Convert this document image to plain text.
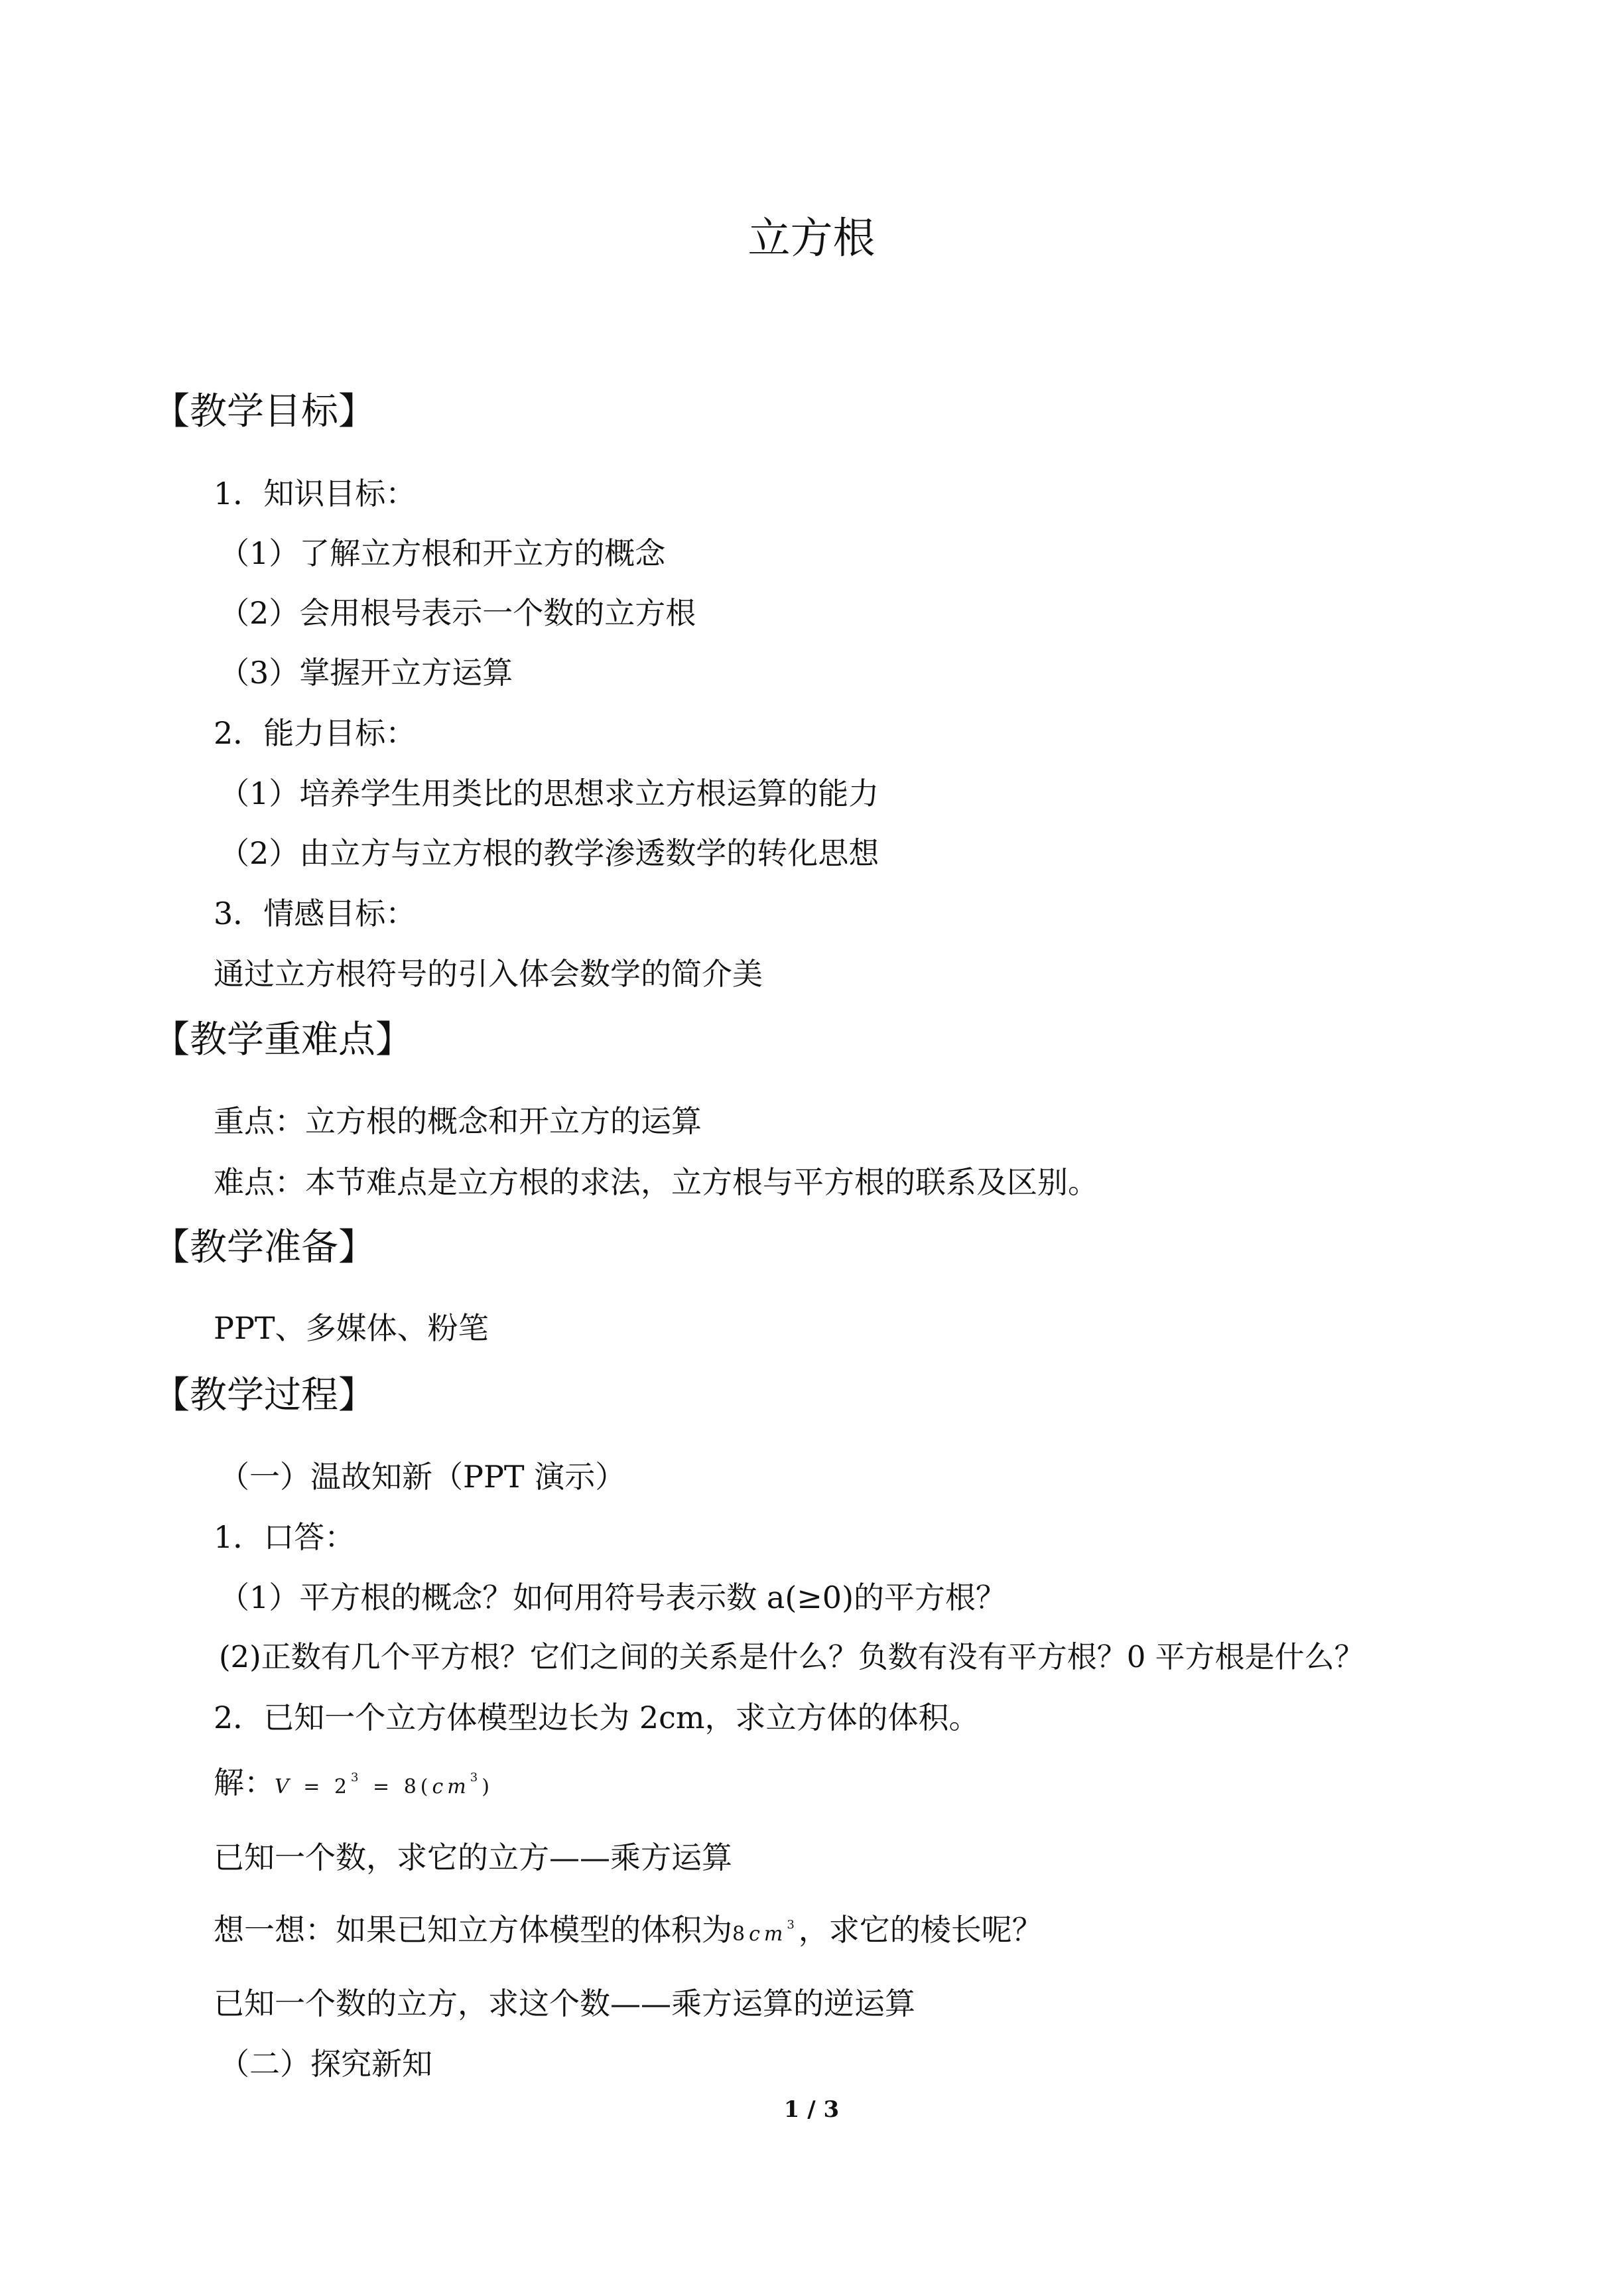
立方根
【教学目标】
1．知识目标：
（1）了解立方根和开立方的概念
（2）会用根号表示一个数的立方根
（3）掌握开立方运算
2．能力目标：
（1）培养学生用类比的思想求立方根运算的能力
（2）由立方与立方根的教学渗透数学的转化思想
3．情感目标：
通过立方根符号的引入体会数学的简介美
【教学重难点】
重点：立方根的概念和开立方的运算
难点：本节难点是立方根的求法，立方根与平方根的联系及区别。
【教学准备】
PPT、多媒体、粉笔
【教学过程】
（一）温故知新（PPT 演示）
1．口答：
（1）平方根的概念？如何用符号表示数 a(≥0)的平方根？
(2)正数有几个平方根？它们之间的关系是什么？负数有没有平方根？0 平方根是什么？
2．已知一个立方体模型边长为 2cm，求立方体的体积。
解：$V = 2^3 = 8(cm^3)$
已知一个数，求它的立方——乘方运算
想一想：如果已知立方体模型的体积为$8cm^3$，求它的棱长呢？
已知一个数的立方，求这个数——乘方运算的逆运算
（二）探究新知
1 / 3
